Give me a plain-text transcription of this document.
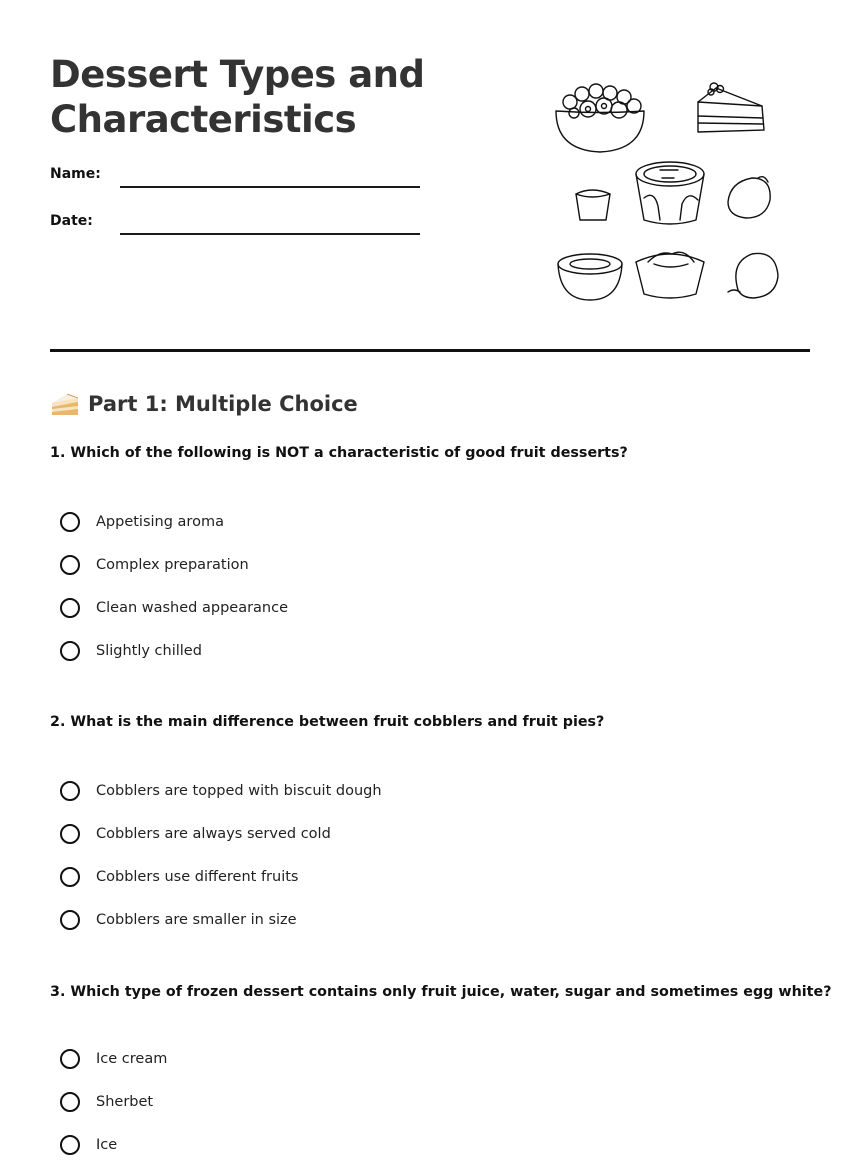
Dessert Types and Characteristics
Name:
Date:
Part 1: Multiple Choice
1. Which of the following is NOT a characteristic of good fruit desserts?
Appetising aroma
Complex preparation
Clean washed appearance
Slightly chilled
2. What is the main difference between fruit cobblers and fruit pies?
Cobblers are topped with biscuit dough
Cobblers are always served cold
Cobblers use different fruits
Cobblers are smaller in size
3. Which type of frozen dessert contains only fruit juice, water, sugar and sometimes egg white?
Ice cream
Sherbet
Ice
